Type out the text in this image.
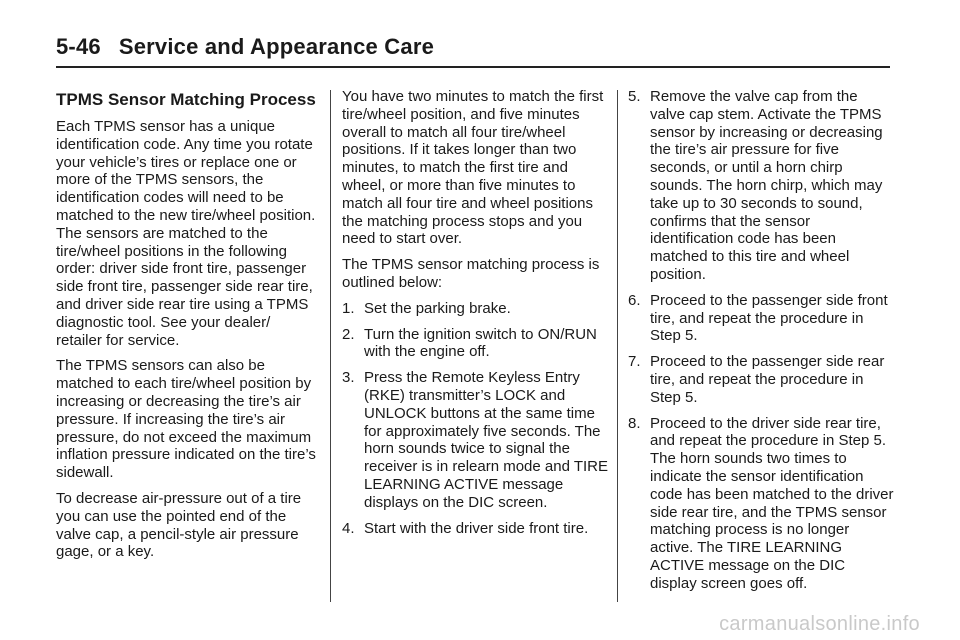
5-46 Service and Appearance Care
TPMS Sensor Matching Process

Each TPMS sensor has a unique identification code. Any time you rotate your vehicle’s tires or replace one or more of the TPMS sensors, the identification codes will need to be matched to the new tire/wheel position. The sensors are matched to the tire/wheel positions in the following order: driver side front tire, passenger side front tire, passenger side rear tire, and driver side rear tire using a TPMS diagnostic tool. See your dealer/ retailer for service.

The TPMS sensors can also be matched to each tire/wheel position by increasing or decreasing the tire’s air pressure. If increasing the tire’s air pressure, do not exceed the maximum inflation pressure indicated on the tire’s sidewall.

To decrease air-pressure out of a tire you can use the pointed end of the valve cap, a pencil-style air pressure gage, or a key.

You have two minutes to match the first tire/wheel position, and five minutes overall to match all four tire/wheel positions. If it takes longer than two minutes, to match the first tire and wheel, or more than five minutes to match all four tire and wheel positions the matching process stops and you need to start over.

The TPMS sensor matching process is outlined below:

1. Set the parking brake.
2. Turn the ignition switch to ON/RUN with the engine off.
3. Press the Remote Keyless Entry (RKE) transmitter’s LOCK and UNLOCK buttons at the same time for approximately five seconds. The horn sounds twice to signal the receiver is in relearn mode and TIRE LEARNING ACTIVE message displays on the DIC screen.
4. Start with the driver side front tire.
5. Remove the valve cap from the valve cap stem. Activate the TPMS sensor by increasing or decreasing the tire’s air pressure for five seconds, or until a horn chirp sounds. The horn chirp, which may take up to 30 seconds to sound, confirms that the sensor identification code has been matched to this tire and wheel position.
6. Proceed to the passenger side front tire, and repeat the procedure in Step 5.
7. Proceed to the passenger side rear tire, and repeat the procedure in Step 5.
8. Proceed to the driver side rear tire, and repeat the procedure in Step 5. The horn sounds two times to indicate the sensor identification code has been matched to the driver side rear tire, and the TPMS sensor matching process is no longer active. The TIRE LEARNING ACTIVE message on the DIC display screen goes off.
carmanualsonline.info
